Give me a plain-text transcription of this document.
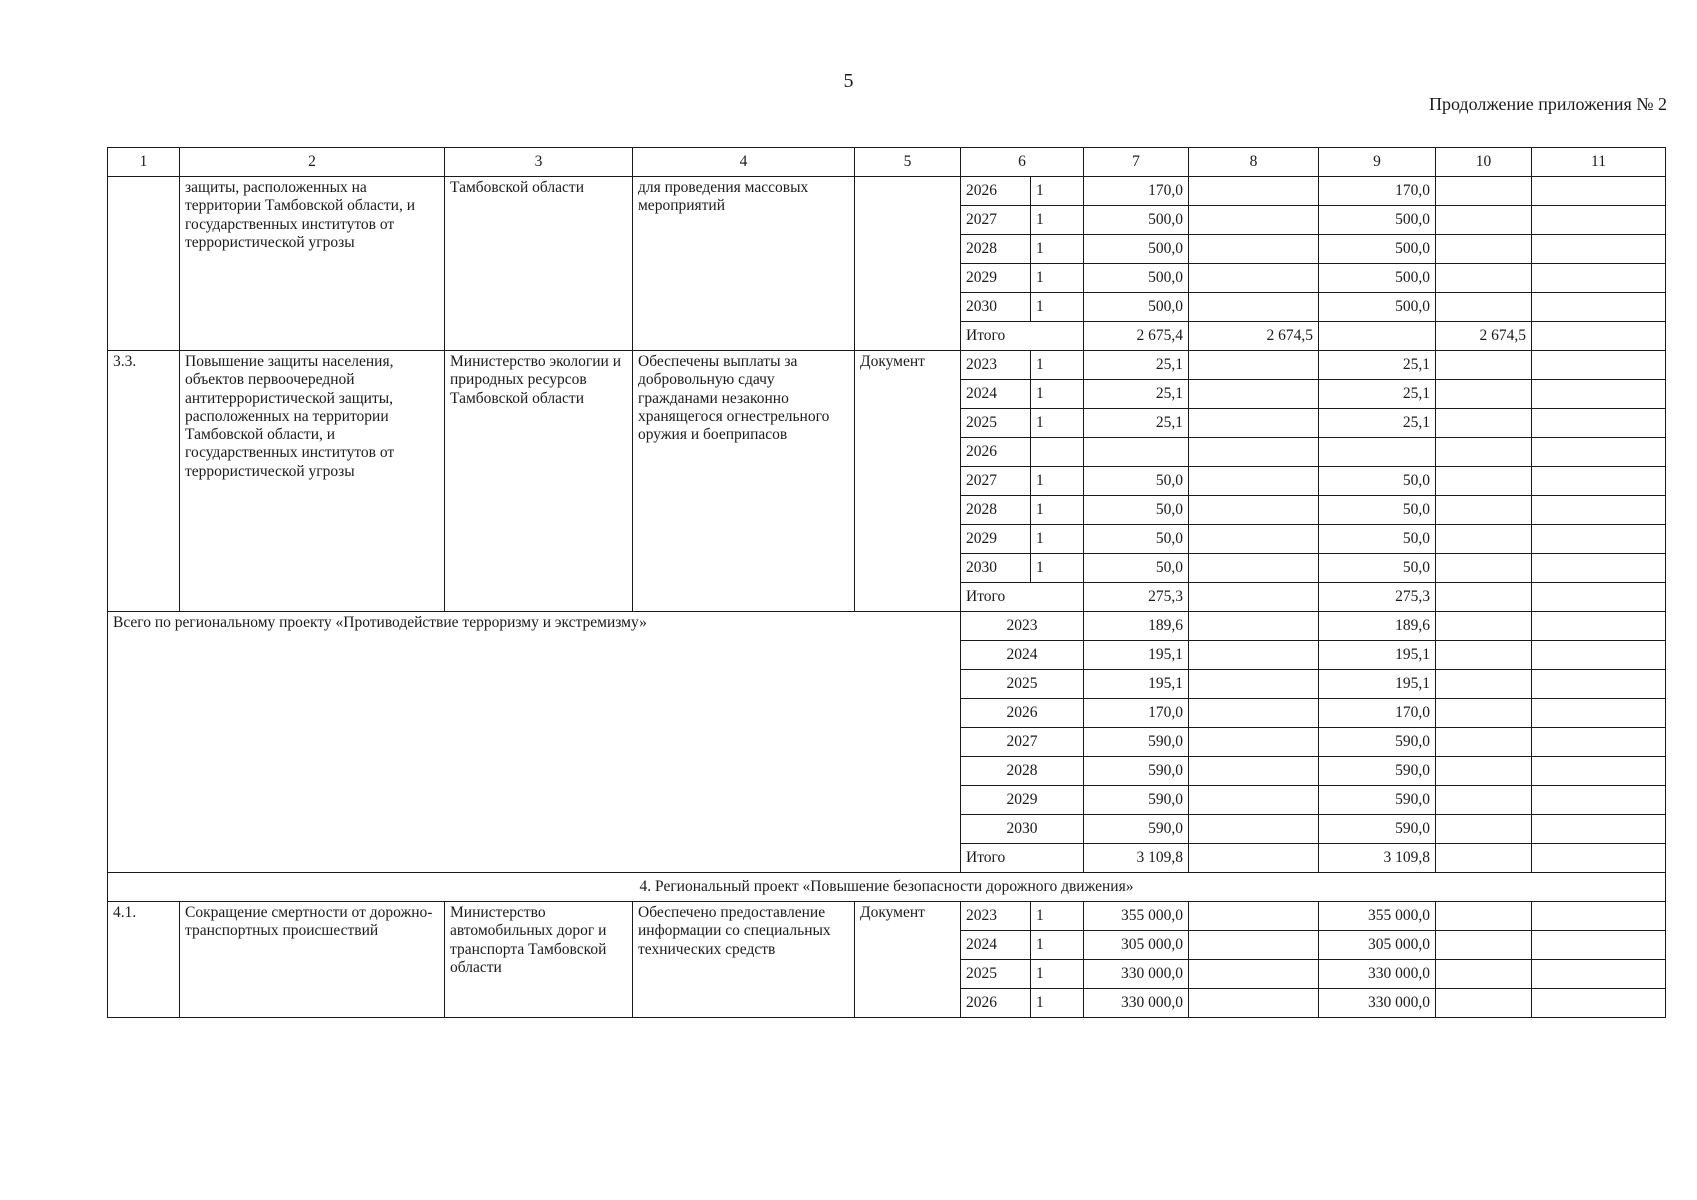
5
Продолжение приложения № 2
1	2	3	4	5	6		7	8	9	10	11
	защиты, расположенных на территории Тамбовской области, и государственных институтов от террористической угрозы	Тамбовской области	для проведения массовых мероприятий		2026	1	170,0		170,0		
					2027	1	500,0		500,0		
					2028	1	500,0		500,0		
					2029	1	500,0		500,0		
					2030	1	500,0		500,0		
					Итого		2 675,4	2 674,5		2 674,5	
3.3.	Повышение защиты населения, объектов первоочередной антитеррористической защиты, расположенных на территории Тамбовской области, и государственных институтов от террористической угрозы	Министерство экологии и природных ресурсов Тамбовской области	Обеспечены выплаты за добровольную сдачу гражданами незаконно хранящегося огнестрельного оружия и боеприпасов	Документ	2023	1	25,1		25,1		
					2024	1	25,1		25,1		
					2025	1	25,1		25,1		
					2026						
					2027	1	50,0		50,0		
					2028	1	50,0		50,0		
					2029	1	50,0		50,0		
					2030	1	50,0		50,0		
					Итого		275,3		275,3		
Всего по региональному проекту «Противодействие терроризму и экстремизму»					2023		189,6		189,6		
					2024		195,1		195,1		
					2025		195,1		195,1		
					2026		170,0		170,0		
					2027		590,0		590,0		
					2028		590,0		590,0		
					2029		590,0		590,0		
					2030		590,0		590,0		
					Итого		3 109,8		3 109,8		
4. Региональный проект «Повышение безопасности дорожного движения»											
4.1.	Сокращение смертности от дорожно-транспортных происшествий	Министерство автомобильных дорог и транспорта Тамбовской области	Обеспечено предоставление информации со специальных технических средств	Документ	2023	1	355 000,0		355 000,0		
					2024	1	305 000,0		305 000,0		
					2025	1	330 000,0		330 000,0		
					2026	1	330 000,0		330 000,0		
